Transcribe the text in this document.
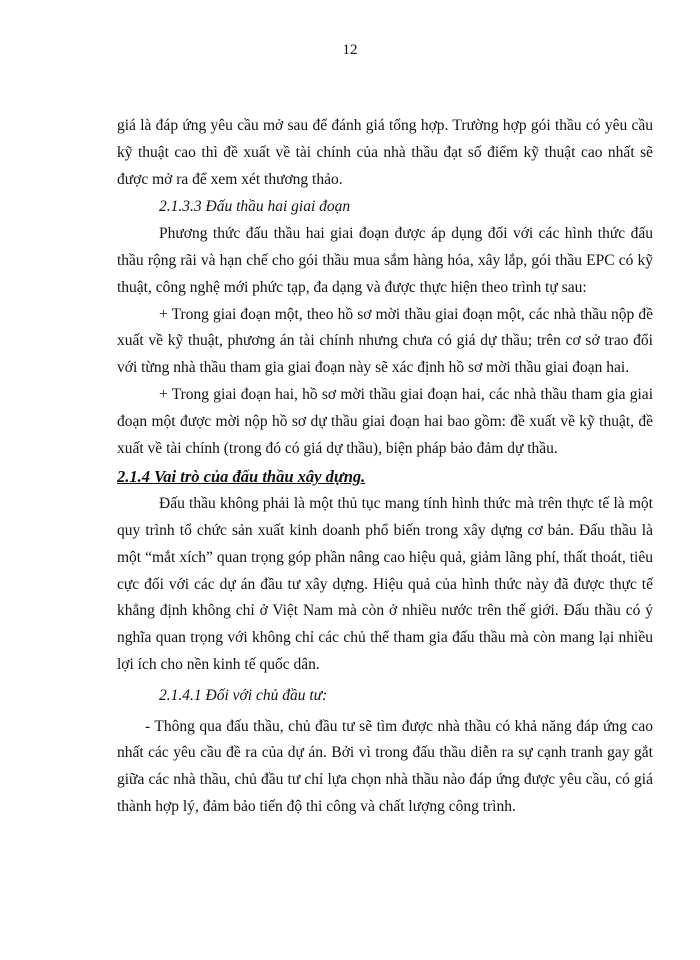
12

giá là đáp ứng yêu cầu mở sau để đánh giá tổng hợp. Trường hợp gói thầu có yêu cầu kỹ thuật cao thì đề xuất về tài chính của nhà thầu đạt số điểm kỹ thuật cao nhất sẽ được mở ra để xem xét thương thảo.

2.1.3.3 Đấu thầu hai giai đoạn

Phương thức đấu thầu hai giai đoạn được áp dụng đối với các hình thức đấu thầu rộng rãi và hạn chế cho gói thầu mua sắm hàng hóa, xây lắp, gói thầu EPC có kỹ thuật, công nghệ mới phức tạp, đa dạng và được thực hiện theo trình tự sau:

+ Trong giai đoạn một, theo hồ sơ mời thầu giai đoạn một, các nhà thầu nộp đề xuất về kỹ thuật, phương án tài chính nhưng chưa có giá dự thầu; trên cơ sở trao đổi với từng nhà thầu tham gia giai đoạn này sẽ xác định hồ sơ mời thầu giai đoạn hai.

+ Trong giai đoạn hai, hồ sơ mời thầu giai đoạn hai, các nhà thầu tham gia giai đoạn một được mời nộp hồ sơ dự thầu giai đoạn hai bao gồm: đề xuất về kỹ thuật, đề xuất về tài chính (trong đó có giá dự thầu), biện pháp bảo đảm dự thầu.

2.1.4 Vai trò của đấu thầu xây dựng.

Đấu thầu không phải là một thủ tục mang tính hình thức mà trên thực tế là một quy trình tổ chức sản xuất kinh doanh phổ biến trong xây dựng cơ bản. Đấu thầu là một “mắt xích” quan trọng góp phần nâng cao hiệu quả, giảm lãng phí, thất thoát, tiêu cực đối với các dự án đầu tư xây dựng. Hiệu quả của hình thức này đã được thực tế khẳng định không chỉ ở Việt Nam mà còn ở nhiều nước trên thế giới. Đấu thầu có ý nghĩa quan trọng với không chỉ các chủ thể tham gia đấu thầu mà còn mang lại nhiều lợi ích cho nền kinh tế quốc dân.

2.1.4.1 Đối với chủ đầu tư:

- Thông qua đấu thầu, chủ đầu tư sẽ tìm được nhà thầu có khả năng đáp ứng cao nhất các yêu cầu đề ra của dự án. Bởi vì trong đấu thầu diễn ra sự cạnh tranh gay gắt giữa các nhà thầu, chủ đầu tư chỉ lựa chọn nhà thầu nào đáp ứng được yêu cầu, có giá thành hợp lý, đảm bảo tiến độ thi công và chất lượng công trình.
